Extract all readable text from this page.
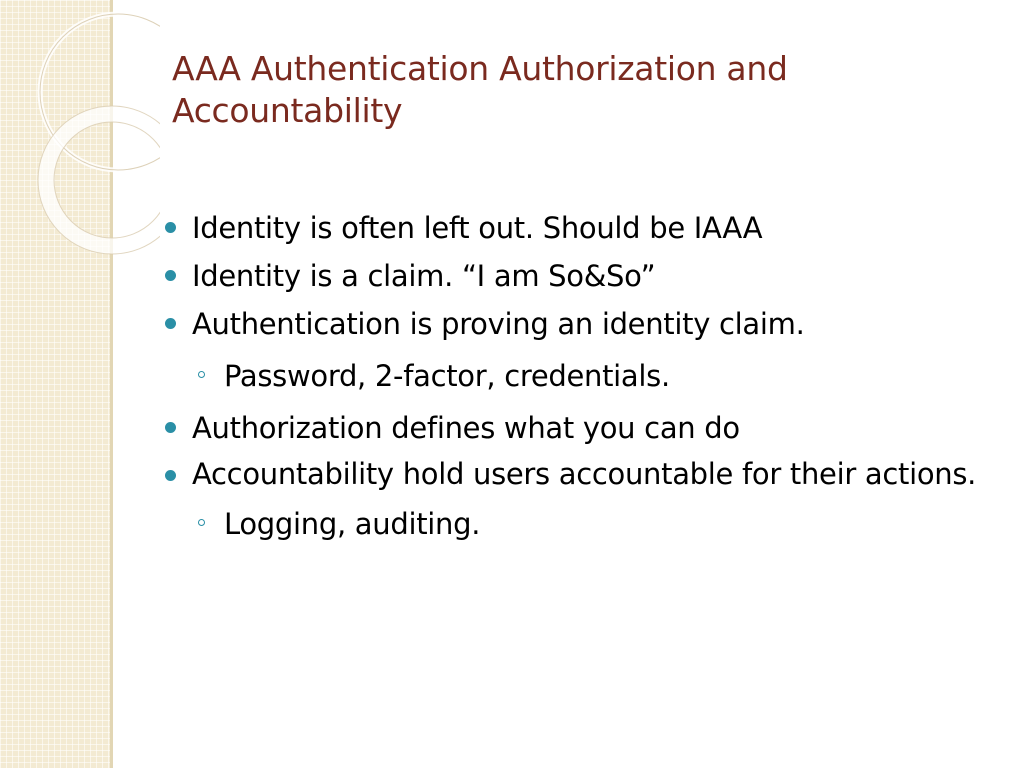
AAA Authentication Authorization and
Accountability
Identity is often left out. Should be IAAA
Identity is a claim. “I am So&So”
Authentication is proving an identity claim.
Password, 2-factor, credentials.
Authorization defines what you can do
Accountability hold users accountable for their actions.
Logging, auditing.
